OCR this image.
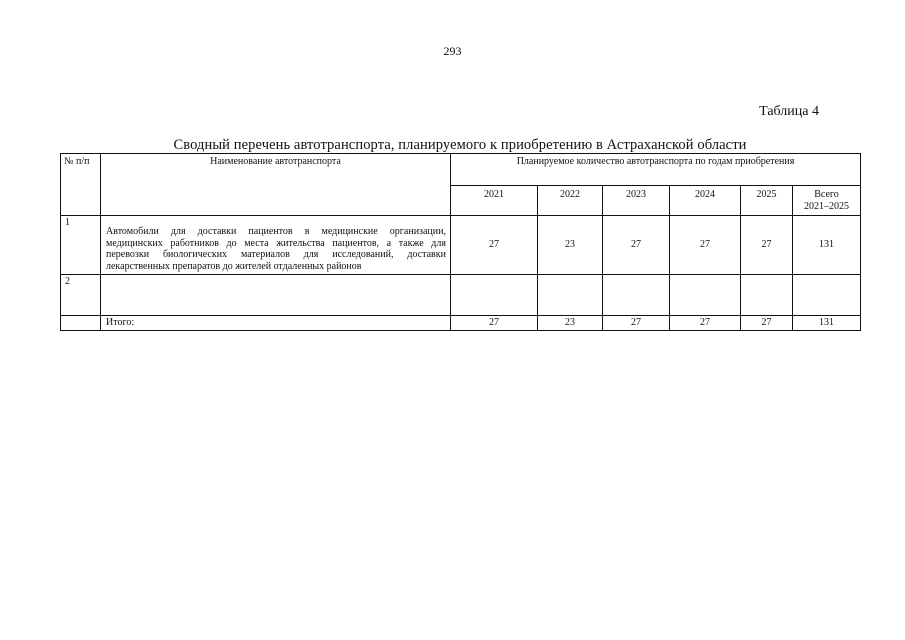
293
Таблица 4
Сводный перечень автотранспорта, планируемого к приобретению в Астраханской области
№ п/п	Наименование автотранспорта	Планируемое количество автотранспорта по годам приобретения					
		2021	2022	2023	2024	2025	Всего
2021–2025

1	Автомобили для доставки пациентов в медицинские организации, медицинских работников до места жительства пациентов, а также для перевозки биологических материалов для исследований, доставки лекарственных препаратов до жителей отдаленных районов	27	23	27	27	27	131
2							
	Итого:	27	23	27	27	27	131
